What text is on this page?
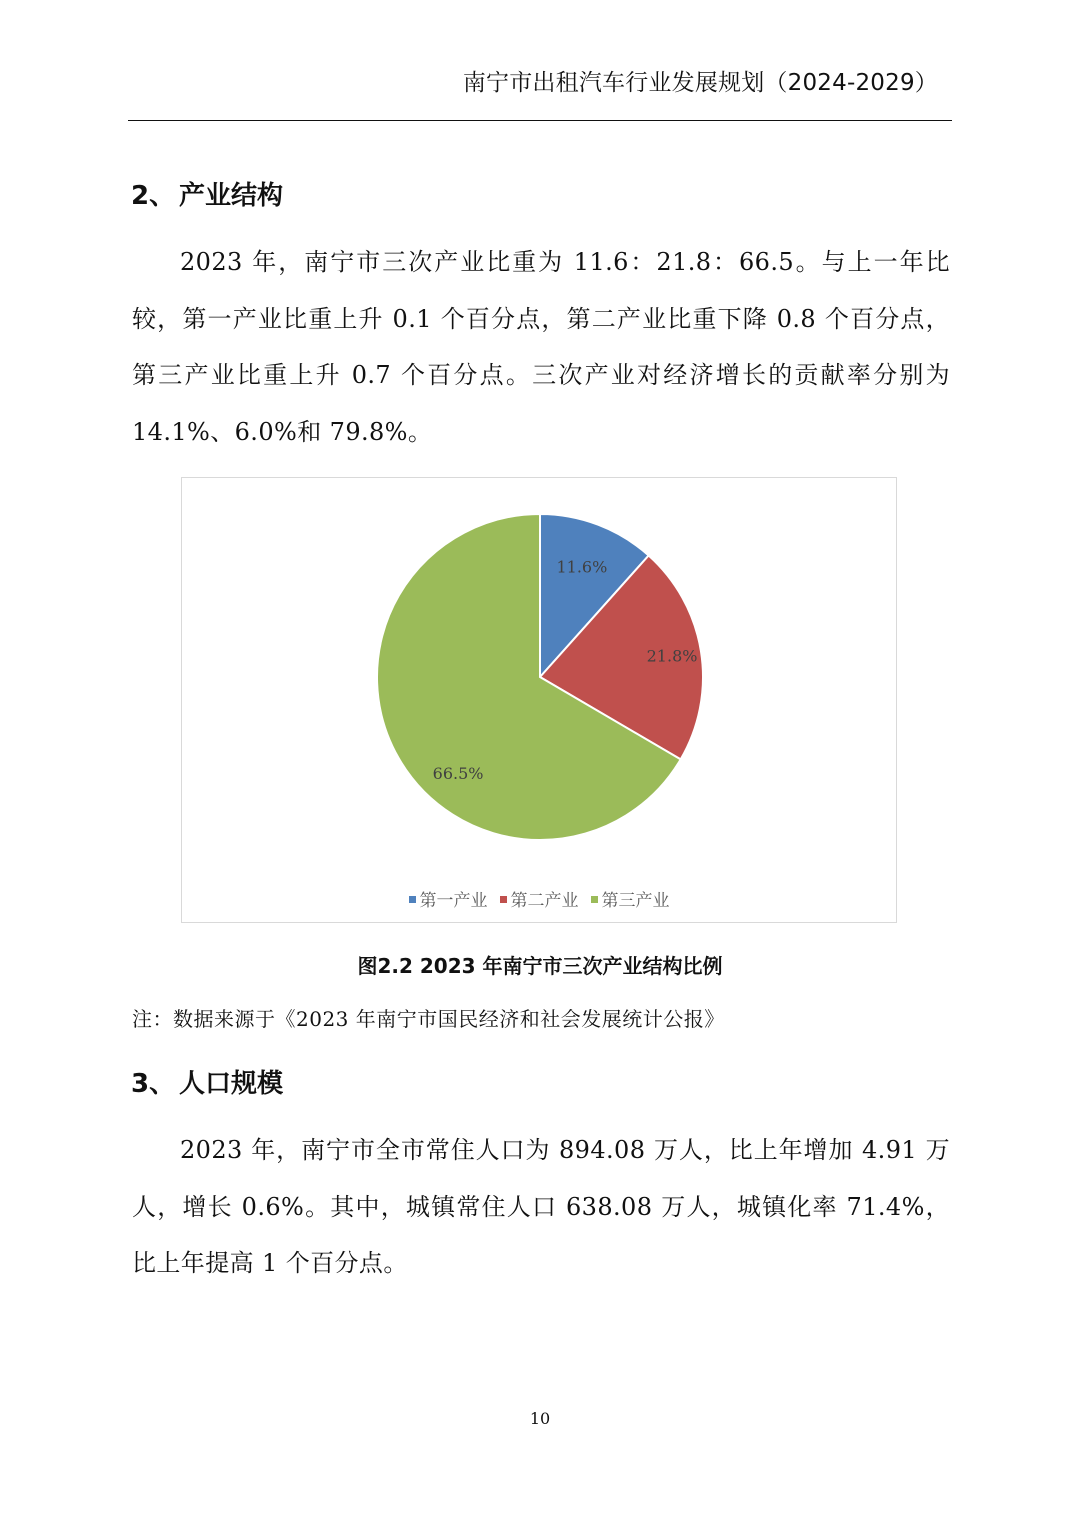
南宁市出租汽车行业发展规划（2024-2029）
2、 产业结构

2023 年，南宁市三次产业比重为 11.6：21.8：66.5。与上一年比较，第一产业比重上升 0.1 个百分点，第二产业比重下降 0.8 个百分点，第三产业比重上升 0.7 个百分点。三次产业对经济增长的贡献率分别为 14.1%、6.0%和 79.8%。

11.6%
21.8%
66.5%
第一产业 第二产业 第三产业
图2.2 2023 年南宁市三次产业结构比例
注：数据来源于《2023 年南宁市国民经济和社会发展统计公报》
3、 人口规模

2023 年，南宁市全市常住人口为 894.08 万人，比上年增加 4.91 万人，增长 0.6%。其中，城镇常住人口 638.08 万人，城镇化率 71.4%，比上年提高 1 个百分点。

10
